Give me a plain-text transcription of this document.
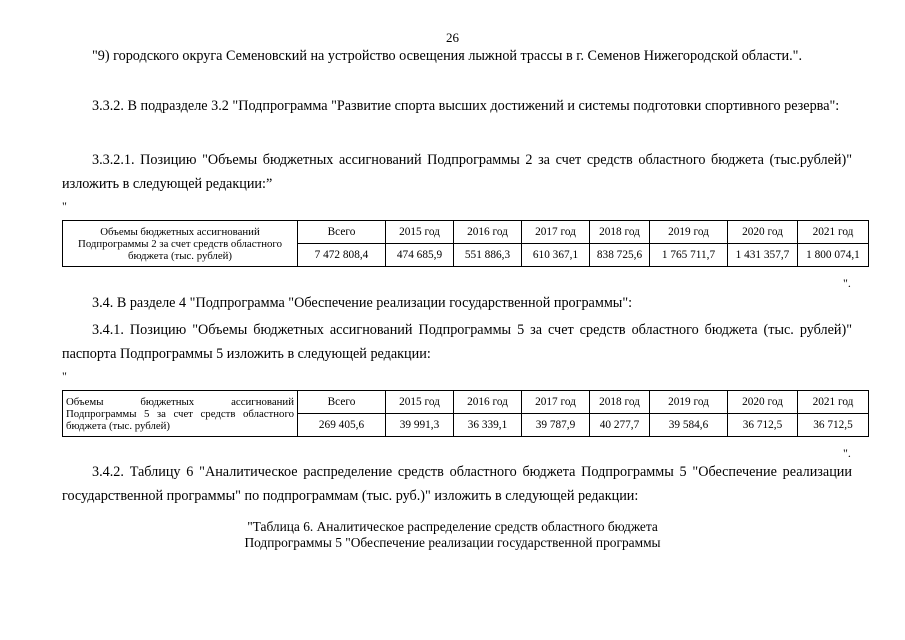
26

"9) городского округа Семеновский на устройство освещения лыжной трассы в г. Семенов Нижегородской области.".

3.3.2. В подразделе 3.2 "Подпрограмма "Развитие спорта высших достижений и системы подготовки спортивного резерва":

3.3.2.1. Позицию "Объемы бюджетных ассигнований Подпрограммы 2 за счет средств областного бюджета (тыс.рублей)" изложить в следующей редакции:”

"
Объемы бюджетных ассигнований Подпрограммы 2 за счет средств областного бюджета (тыс. рублей)	Всего	2015 год	2016 год	2017 год	2018 год	2019 год	2020 год	2021 год
	7 472 808,4	474 685,9	551 886,3	610 367,1	838 725,6	1 765 711,7	1 431 357,7	1 800 074,1
".

3.4. В разделе 4 "Подпрограмма "Обеспечение реализации государственной программы":

3.4.1. Позицию "Объемы бюджетных ассигнований Подпрограммы 5 за счет средств областного бюджета (тыс. рублей)" паспорта Подпрограммы 5 изложить в следующей редакции:

"
Объемы бюджетных ассигнований Подпрограммы 5 за счет средств областного бюджета (тыс. рублей)	Всего	2015 год	2016 год	2017 год	2018 год	2019 год	2020 год	2021 год
	269 405,6	39 991,3	36 339,1	39 787,9	40 277,7	39 584,6	36 712,5	36 712,5
".

3.4.2. Таблицу 6 "Аналитическое распределение средств областного бюджета Подпрограммы 5 "Обеспечение реализации государственной программы" по подпрограммам (тыс. руб.)" изложить в следующей редакции:

"Таблица 6. Аналитическое распределение средств областного бюджета
Подпрограммы 5 "Обеспечение реализации государственной программы
